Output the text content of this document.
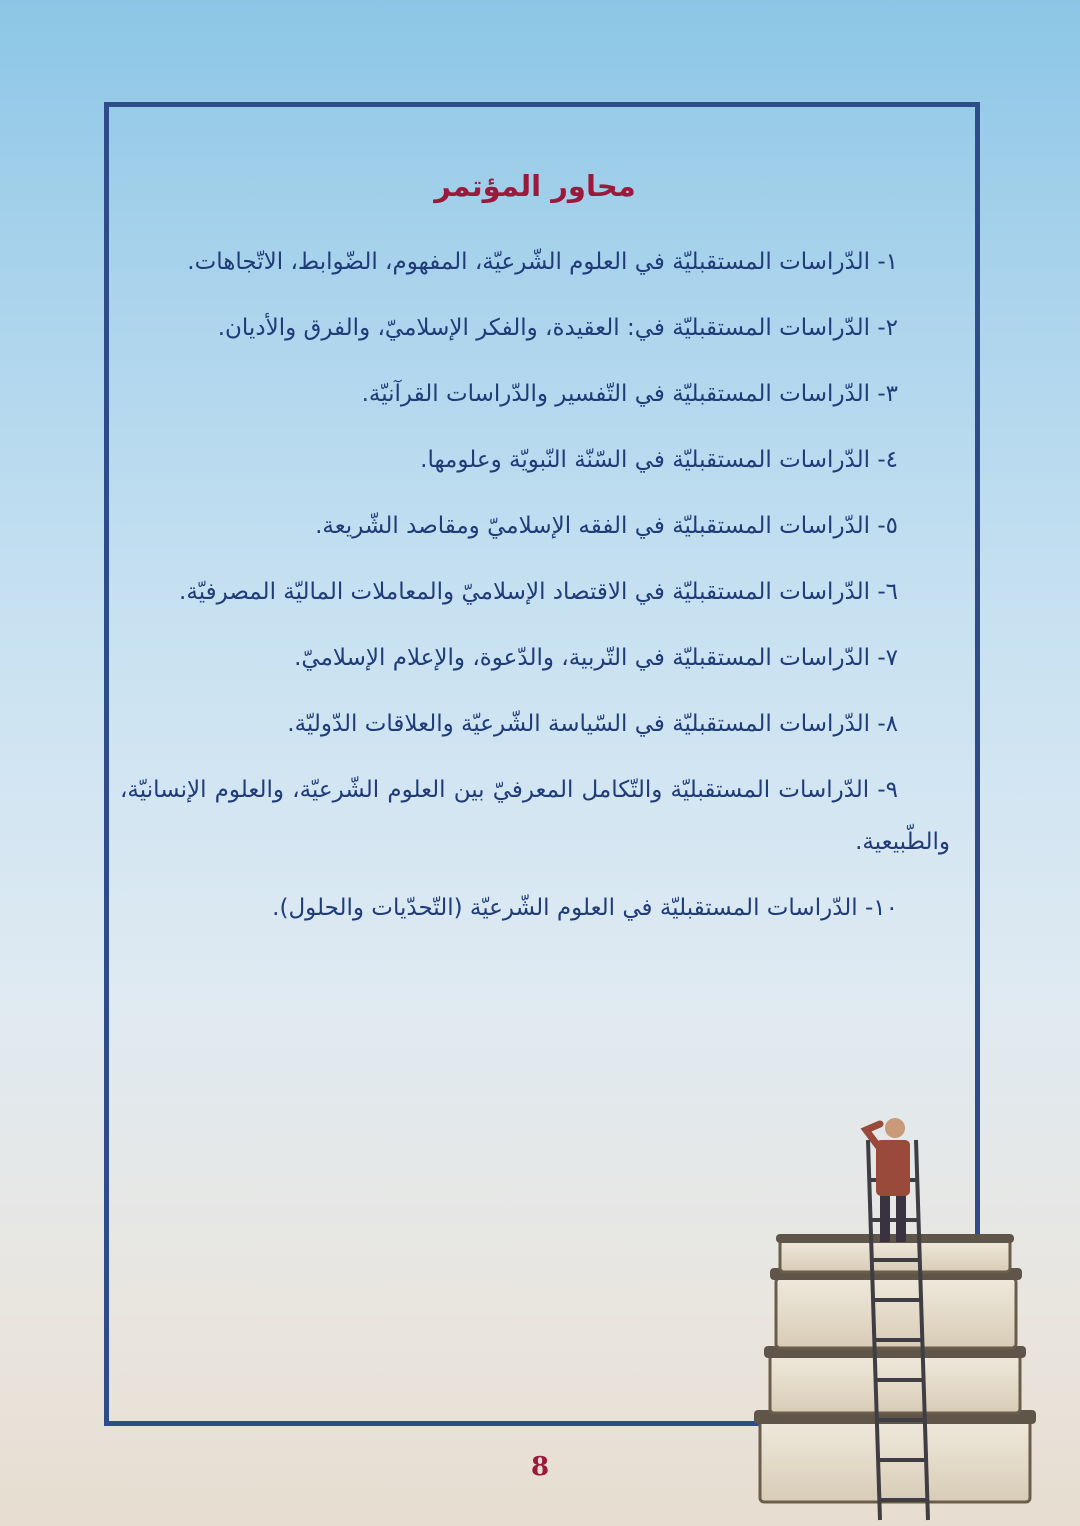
محاور المؤتمر
١- الدّراسات المستقبليّة في العلوم الشّرعيّة، المفهوم، الضّوابط، الاتّجاهات.
٢- الدّراسات المستقبليّة في: العقيدة، والفكر الإسلاميّ، والفرق والأديان.
٣- الدّراسات المستقبليّة في التّفسير والدّراسات القرآنيّة.
٤- الدّراسات المستقبليّة في السّنّة النّبويّة وعلومها.
٥- الدّراسات المستقبليّة في الفقه الإسلاميّ ومقاصد الشّريعة.
٦- الدّراسات المستقبليّة في الاقتصاد الإسلاميّ والمعاملات الماليّة المصرفيّة.
٧- الدّراسات المستقبليّة في التّربية، والدّعوة، والإعلام الإسلاميّ.
٨- الدّراسات المستقبليّة في السّياسة الشّرعيّة والعلاقات الدّوليّة.
٩- الدّراسات المستقبليّة والتّكامل المعرفيّ بين العلوم الشّرعيّة، والعلوم الإنسانيّة، والطّبيعية.
١٠- الدّراسات المستقبليّة في العلوم الشّرعيّة (التّحدّيات والحلول).
8
